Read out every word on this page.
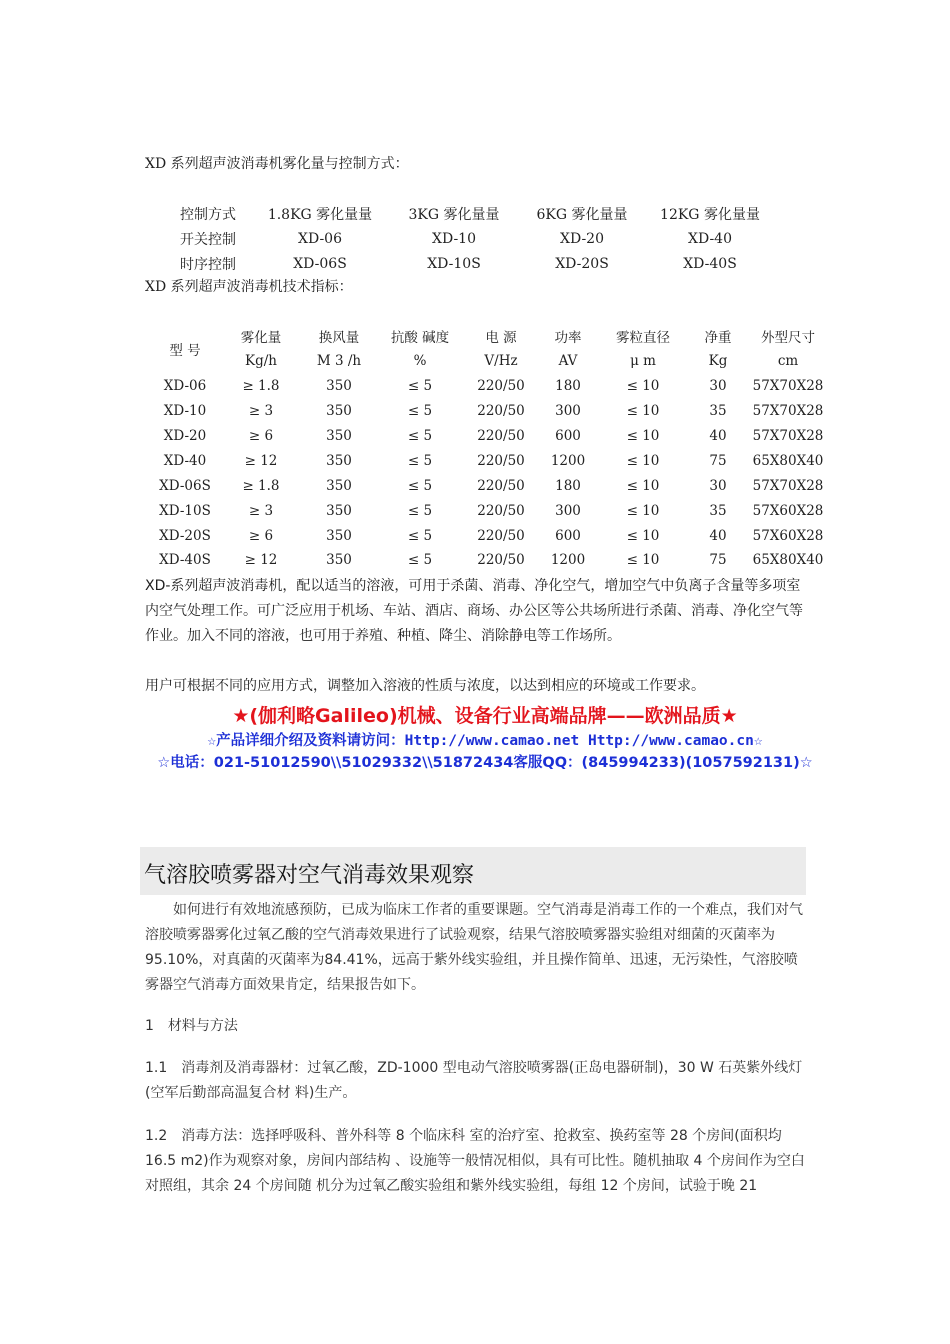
XD 系列超声波消毒机雾化量与控制方式：
控制方式	1.8KG 雾化量量	3KG 雾化量量	6KG 雾化量量	12KG 雾化量量
开关控制	XD-06	XD-10	XD-20	XD-40
时序控制	XD-06S	XD-10S	XD-20S	XD-40S
XD 系列超声波消毒机技术指标：
型 号	雾化量	换风量	抗酸 碱度	电 源	功率	雾粒直径	净重	外型尺寸
	Kg/h	M 3 /h	%	V/Hz	AV	μ m	Kg	cm
XD-06	≥ 1.8	350	≤ 5	220/50	180	≤ 10	30	57X70X28
XD-10	≥ 3	350	≤ 5	220/50	300	≤ 10	35	57X70X28
XD-20	≥ 6	350	≤ 5	220/50	600	≤ 10	40	57X70X28
XD-40	≥ 12	350	≤ 5	220/50	1200	≤ 10	75	65X80X40
XD-06S	≥ 1.8	350	≤ 5	220/50	180	≤ 10	30	57X70X28
XD-10S	≥ 3	350	≤ 5	220/50	300	≤ 10	35	57X60X28
XD-20S	≥ 6	350	≤ 5	220/50	600	≤ 10	40	57X60X28
XD-40S	≥ 12	350	≤ 5	220/50	1200	≤ 10	75	65X80X40
XD-系列超声波消毒机，配以适当的溶液，可用于杀菌、消毒、净化空气，增加空气中负离子含量等多项室内空气处理工作。可广泛应用于机场、车站、酒店、商场、办公区等公共场所进行杀菌、消毒、净化空气等作业。加入不同的溶液，也可用于养殖、种植、降尘、消除静电等工作场所。
用户可根据不同的应用方式，调整加入溶液的性质与浓度，以达到相应的环境或工作要求。
★(伽利略Galileo)机械、设备行业高端品牌——欧洲品质★
☆产品详细介绍及资料请访问：Http://www.camao.net Http://www.camao.cn☆
☆电话：021-51012590\\51029332\\51872434客服QQ：(845994233)(1057592131)☆
气溶胶喷雾器对空气消毒效果观察
如何进行有效地流感预防，已成为临床工作者的重要课题。空气消毒是消毒工作的一个难点，我们对气溶胶喷雾器雾化过氧乙酸的空气消毒效果进行了试验观察，结果气溶胶喷雾器实验组对细菌的灭菌率为95.10%，对真菌的灭菌率为84.41%，远高于紫外线实验组，并且操作简单、迅速，无污染性，气溶胶喷雾器空气消毒方面效果肯定，结果报告如下。
1　材料与方法
1.1　消毒剂及消毒器材：过氧乙酸，ZD-1000 型电动气溶胶喷雾器(正岛电器研制)，30 W 石英紫外线灯(空军后勤部高温复合材 料)生产。
1.2　消毒方法：选择呼吸科、普外科等 8 个临床科 室的治疗室、抢救室、换药室等 28 个房间(面积均 16.5 m2)作为观察对象，房间内部结构 、设施等一般情况相似，具有可比性。随机抽取 4 个房间作为空白对照组，其余 24 个房间随 机分为过氧乙酸实验组和紫外线实验组，每组 12 个房间，试验于晚 21
